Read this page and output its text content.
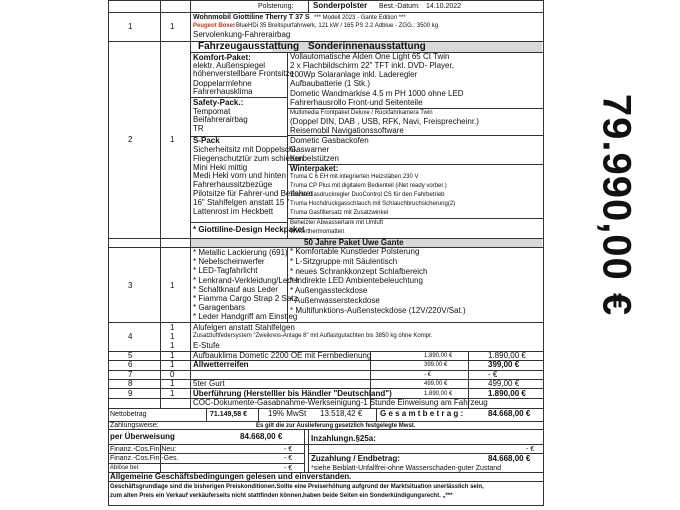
Polsterung: Sonderpolster Best.-Datum: 14.10.2022
1	1
Wohnmobil Giottiline Therry T 37 S *** Modell 2023 - Gante Edition ***
Peugeot Boxer BlueHDi 35 Breitspurfahrwerk, 121 kW / 165 PS 2.2 Adblue - ZGG.: 3500 kg
Servolenkung-Fahrerairbag
2	1
Fahrzeugausstattung Sonderinnenausstattung
Komfort-Paket:
elektr. Außenspiegel
höhenverstellbare Frontsitze
Doppelarmlehne
Fahrerhausklima
Safety-Pack.:
Tempomat
Beifahrerairbag
TR
S-Pack
Sicherheitsitz mit Doppelschl.
Fliegenschutztür zum schieben
Mini Heki mittig
Medi Heki vorn und hinten
Fahrerhaussitzbezüge
Pilotsitze für Fahrer-und Beifahrer
16" Stahlfelgen anstatt 15 "
Lattenrost im Heckbett
Vollautomatische Alden One Light 65 CI Twin
2 x Flachbildschirm 22" TFT inkl. DVD- Player,
100Wp Solaranlage inkl. Laderegler
Aufbaubatterie (1 Stk.)
Dometic Wandmarkise 4.5 m PH 1000 ohne LED
Fahrerhausrollo Front-und Seitenteile
Multimedia Frontpaket Deluxe / Rückfahrkamera Twin
(Doppel DIN, DAB , USB, RFK, Navi, Freisprecheinr.)
Reisemobil Navigationssoftware
Dometic Gasbackofen
Gaswarner
Kurbelstützen
Winterpaket:
Truma C 6 EH mit integrierten Heizstäben 230 V
Truma CP Plus mit digitalem Bedienteil (iNet ready vorber.)
Truma Gasdruckregler DuoControl CS für den Fahrbetrieb
Truma Hochdruckgasschlauch mit Schlauchbruchsicherung(2)
Truma Gasfiltersatz mit Zusatzwinkel
Beheizter Abwassertank mit Umluft
Winterthermomatten
* Giottiline-Design Heckpaket
3	1
50 Jahre Paket Uwe Gante
* Metallic Lackierung (691)
* Nebelscheinwerfer
* LED-Tagfahrlicht
* Lenkrand-Verkleidung/Leder
* Schaltknauf aus Leder
* Fiamma Cargo Strap 2 Satz
* Garagenbars
* Leder Handgriff am Einstieg
* Komfortable Kunstleder Polsterung
* L-Sitzgruppe mit Säulentisch
* neues Schrankkonzept Schlafbereich
* Indirekte LED Ambientebeleuchtung
* Außengassteckdose
* Außenwassersteckdose
* Multifunktions-Außensteckdose (12V/220V/Sat.)
4
1 Alufelgen anstatt Stahlfelgen
1	Zusatzluftfedersystem "Zweikreis-Anlage 8" mit Auflastgutachten bis 3850 kg ohne Kompr.
1 E-Stufe
5	1 Aufbauklima Dometic 2200 OE mit Fernbedienung	1.890,00 €	1.890,00 €
6	1 Allwetterreifen	399,00 €	399,00 €
7	0	- €	- €
8	1 5ter Gurt	499,00 €	499,00 €
9	1 Überführung (Herstelller bis Händler "Deutschland")	1.890,00 €	1.890,00 €
COC-Dokumente-Gasabnahme-Werkseinigung-1 Stunde Einweisung am Fahrzeug
Nettobetrag	71.149,58 €	19% MwSt 13.518,42 € G e s a m t b e t r a g :	84.668,00 €
Zahlungsweise:	Es gilt die zur Auslieferung gesetzlich festgelegte Mwst.
per Überweisung	84.668,00 €	Inzahlungn.§25a:
Finanz.-Cos.Fin.Neu:	- €	- €
Finanz.-Cos.Fin.-Ges.	- € Zuzahlung / Endbetrag:	84.668,00 €
Ablöse bei:	- €	*siehe Beiblatt-Unfallfrei-ohne Wasserschaden-guter Zustand
Allgemeine Geschäftsbedingungen gelesen und einverstanden.
Geschäftsgrundlage sind die bisherigen Preiskonditionen.Sollte eine Preiserhöhung aufgrund der Marktsituation unerlässlich sein,
zum alten Preis ein Verkauf verkäuferseits nicht stattfinden können,haben beide Seiten ein Sonderkündigungsrecht. „***
79.990,00 €
